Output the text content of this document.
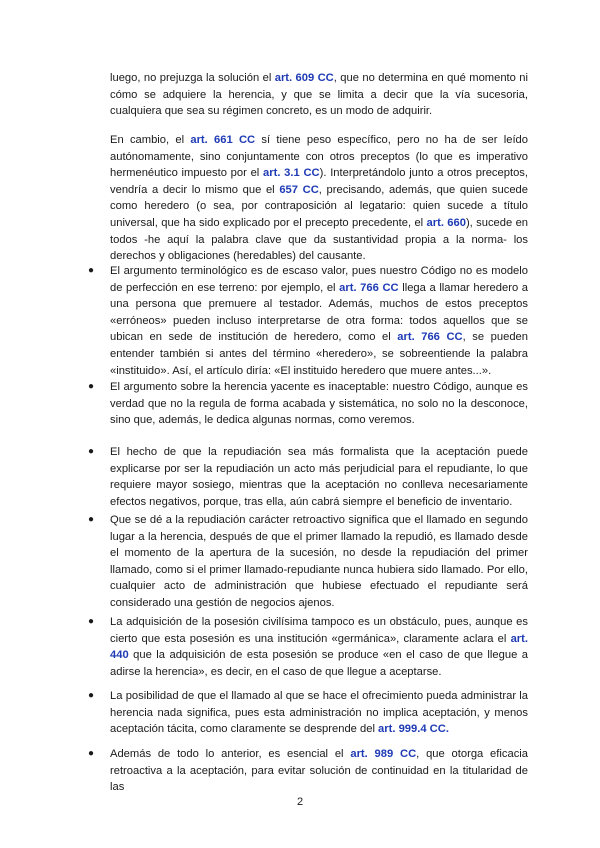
luego, no prejuzga la solución el art. 609 CC, que no determina en qué momento ni cómo se adquiere la herencia, y que se limita a decir que la vía sucesoria, cualquiera que sea su régimen concreto, es un modo de adquirir.
En cambio, el art. 661 CC sí tiene peso específico, pero no ha de ser leído autónomamente, sino conjuntamente con otros preceptos (lo que es imperativo hermenéutico impuesto por el art. 3.1 CC). Interpretándolo junto a otros preceptos, vendría a decir lo mismo que el 657 CC, precisando, además, que quien sucede como heredero (o sea, por contraposición al legatario: quien sucede a título universal, que ha sido explicado por el precepto precedente, el art. 660), sucede en todos -he aquí la palabra clave que da sustantividad propia a la norma- los derechos y obligaciones (heredables) del causante.
● El argumento terminológico es de escaso valor, pues nuestro Código no es modelo de perfección en ese terreno: por ejemplo, el art. 766 CC llega a llamar heredero a una persona que premuere al testador. Además, muchos de estos preceptos «erróneos» pueden incluso interpretarse de otra forma: todos aquellos que se ubican en sede de institución de heredero, como el art. 766 CC, se pueden entender también si antes del término «heredero», se sobreentiende la palabra «instituido». Así, el artículo diría: «El instituido heredero que muere antes...».
● El argumento sobre la herencia yacente es inaceptable: nuestro Código, aunque es verdad que no la regula de forma acabada y sistemática, no solo no la desconoce, sino que, además, le dedica algunas normas, como veremos.
● El hecho de que la repudiación sea más formalista que la aceptación puede explicarse por ser la repudiación un acto más perjudicial para el repudiante, lo que requiere mayor sosiego, mientras que la aceptación no conlleva necesariamente efectos negativos, porque, tras ella, aún cabrá siempre el beneficio de inventario.
● Que se dé a la repudiación carácter retroactivo significa que el llamado en segundo lugar a la herencia, después de que el primer llamado la repudió, es llamado desde el momento de la apertura de la sucesión, no desde la repudiación del primer llamado, como si el primer llamado-repudiante nunca hubiera sido llamado. Por ello, cualquier acto de administración que hubiese efectuado el repudiante será considerado una gestión de negocios ajenos.
● La adquisición de la posesión civilísima tampoco es un obstáculo, pues, aunque es cierto que esta posesión es una institución «germánica», claramente aclara el art. 440 que la adquisición de esta posesión se produce «en el caso de que llegue a adirse la herencia», es decir, en el caso de que llegue a aceptarse.
● La posibilidad de que el llamado al que se hace el ofrecimiento pueda administrar la herencia nada significa, pues esta administración no implica aceptación, y menos aceptación tácita, como claramente se desprende del art. 999.4 CC.
● Además de todo lo anterior, es esencial el art. 989 CC, que otorga eficacia retroactiva a la aceptación, para evitar solución de continuidad en la titularidad de las
2
